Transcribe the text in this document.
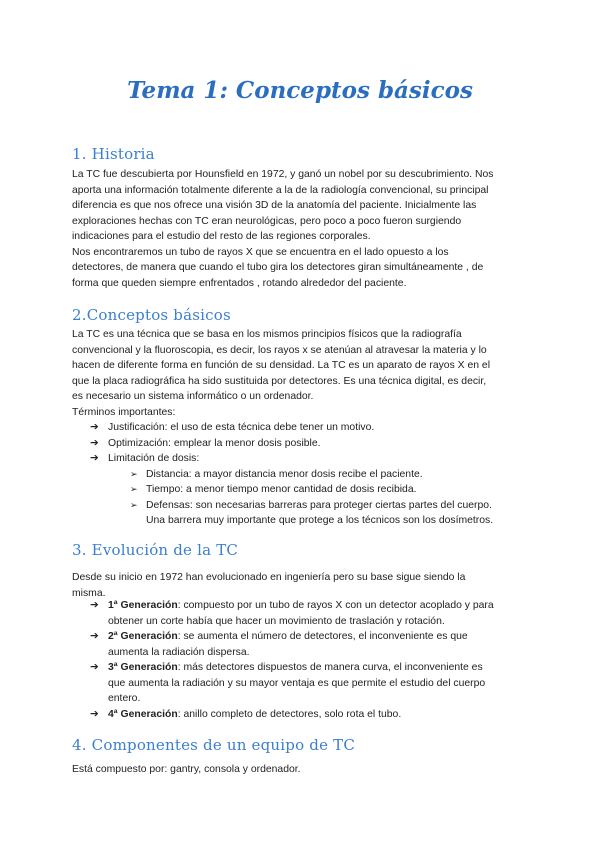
Tema 1: Conceptos básicos
1. Historia

La TC fue descubierta por Hounsfield en 1972, y ganó un nobel por su descubrimiento. Nos
aporta una información totalmente diferente a la de la radiología convencional, su principal
diferencia es que nos ofrece una visión 3D de la anatomía del paciente. Inicialmente las
exploraciones hechas con TC eran neurológicas, pero poco a poco fueron surgiendo
indicaciones para el estudio del resto de las regiones corporales.
Nos encontraremos un tubo de rayos X que se encuentra en el lado opuesto a los
detectores, de manera que cuando el tubo gira los detectores giran simultáneamente , de
forma que queden siempre enfrentados , rotando alrededor del paciente.

2.Conceptos básicos

La TC es una técnica que se basa en los mismos principios físicos que la radiografía
convencional y la fluoroscopia, es decir, los rayos x se atenúan al atravesar la materia y lo
hacen de diferente forma en función de su densidad. La TC es un aparato de rayos X en el
que la placa radiográfica ha sido sustituida por detectores. Es una técnica digital, es decir,
es necesario un sistema informático o un ordenador.
Términos importantes:

➔ Justificación: el uso de esta técnica debe tener un motivo.
➔ Optimización: emplear la menor dosis posible.
➔ Limitación de dosis:
➢ Distancia: a mayor distancia menor dosis recibe el paciente.
➢ Tiempo: a menor tiempo menor cantidad de dosis recibida.
➢ Defensas: son necesarias barreras para proteger ciertas partes del cuerpo.
Una barrera muy importante que protege a los técnicos son los dosímetros.
3. Evolución de la TC

Desde su inicio en 1972 han evolucionado en ingeniería pero su base sigue siendo la
misma.

➔ 1ª Generación: compuesto por un tubo de rayos X con un detector acoplado y para
obtener un corte había que hacer un movimiento de traslación y rotación.
➔ 2ª Generación: se aumenta el número de detectores, el inconveniente es que
aumenta la radiación dispersa.
➔ 3ª Generación: más detectores dispuestos de manera curva, el inconveniente es
que aumenta la radiación y su mayor ventaja es que permite el estudio del cuerpo
entero.
➔ 4ª Generación: anillo completo de detectores, solo rota el tubo.
4. Componentes de un equipo de TC

Está compuesto por: gantry, consola y ordenador.
